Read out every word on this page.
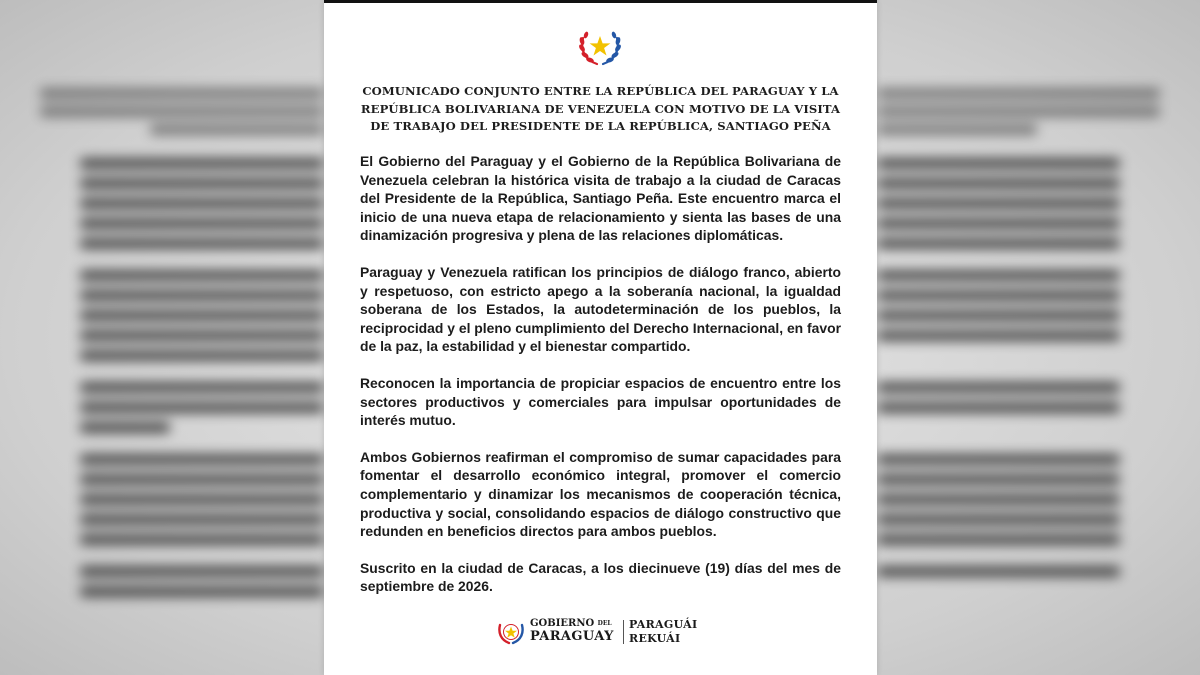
COMUNICADO CONJUNTO ENTRE LA REPÚBLICA DEL PARAGUAY Y LA REPÚBLICA BOLIVARIANA DE VENEZUELA CON MOTIVO DE LA VISITA DE TRABAJO DEL PRESIDENTE DE LA REPÚBLICA, SANTIAGO PEÑA

El Gobierno del Paraguay y el Gobierno de la República Bolivariana de Venezuela celebran la histórica visita de trabajo a la ciudad de Caracas del Presidente de la República, Santiago Peña. Este encuentro marca el inicio de una nueva etapa de relacionamiento y sienta las bases de una dinamización progresiva y plena de las relaciones diplomáticas.

Paraguay y Venezuela ratifican los principios de diálogo franco, abierto y respetuoso, con estricto apego a la soberanía nacional, la igualdad soberana de los Estados, la autodeterminación de los pueblos, la reciprocidad y el pleno cumplimiento del Derecho Internacional, en favor de la paz, la estabilidad y el bienestar compartido.

Reconocen la importancia de propiciar espacios de encuentro entre los sectores productivos y comerciales para impulsar oportunidades de interés mutuo.

Ambos Gobiernos reafirman el compromiso de sumar capacidades para fomentar el desarrollo económico integral, promover el comercio complementario y dinamizar los mecanismos de cooperación técnica, productiva y social, consolidando espacios de diálogo constructivo que redunden en beneficios directos para ambos pueblos.

Suscrito en la ciudad de Caracas, a los diecinueve (19) días del mes de septiembre de 2026.

GOBIERNO DEL
PARAGUAY
PARAGUÁI
REKUÁI
